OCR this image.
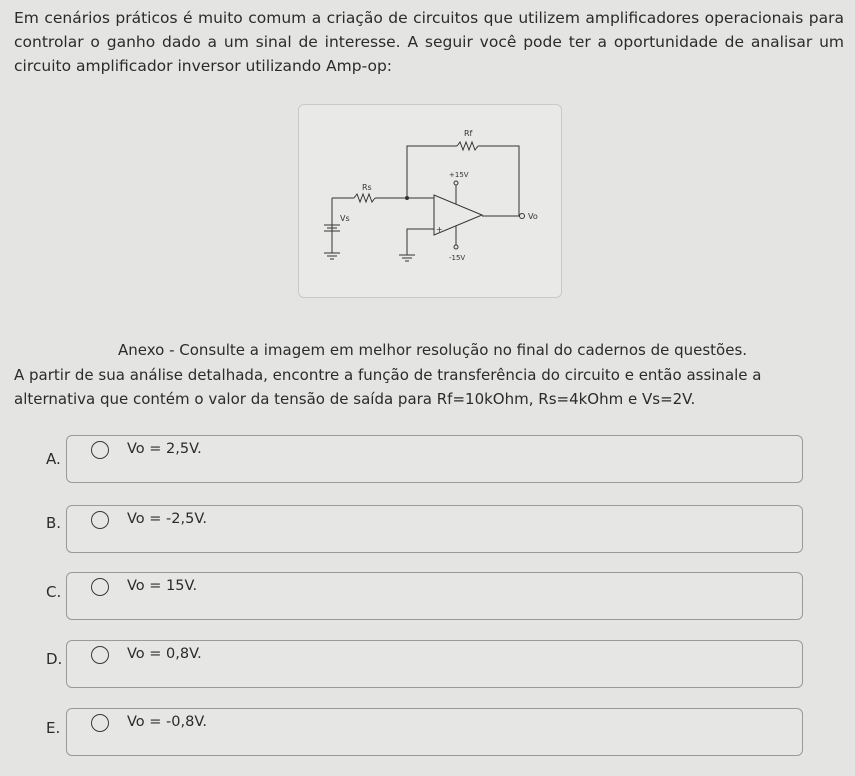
Em cenários práticos é muito comum a criação de circuitos que utilizem amplificadores operacionais para controlar o ganho dado a um sinal de interesse. A seguir você pode ter a oportunidade de analisar um circuito amplificador inversor utilizando Amp-op:
Rf
Rs
Vs	Vo
+15V
-15V
+
Anexo - Consulte a imagem em melhor resolução no final do cadernos de questões.
A partir de sua análise detalhada, encontre a função de transferência do circuito e então assinale a alternativa que contém o valor da tensão de saída para Rf=10kOhm, Rs=4kOhm e Vs=2V.
Vo = 2,5V.
A.
Vo = -2,5V.
B.
Vo = 15V.
C.
Vo = 0,8V.
D.
Vo = -0,8V.
E.
